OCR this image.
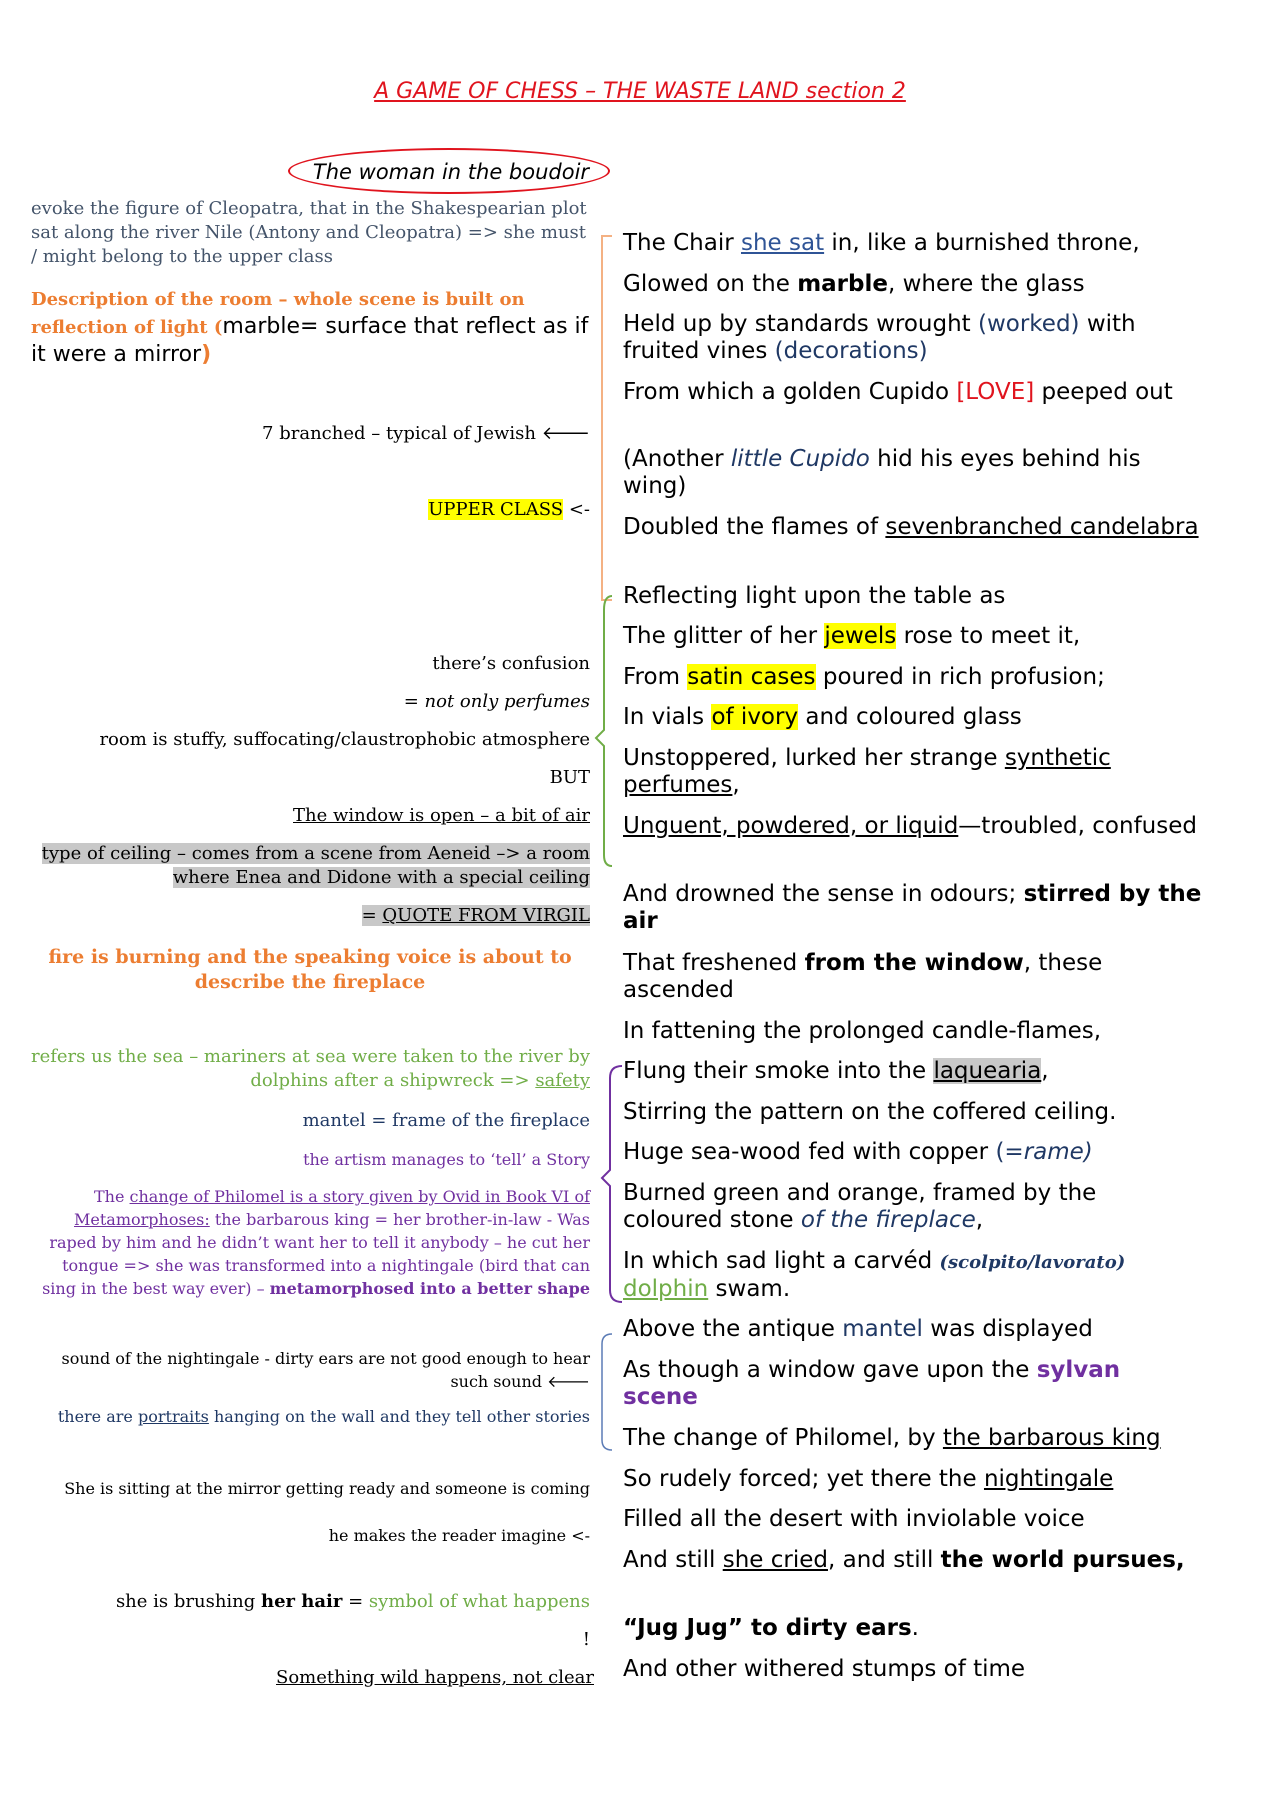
A GAME OF CHESS – THE WASTE LAND section 2
The woman in the boudoir
evoke the figure of Cleopatra, that in the Shakespearian plot sat along the river Nile (Antony and Cleopatra) => she must / might belong to the upper class
Description of the room – whole scene is built on reflection of light (marble= surface that reflect as if it were a mirror)
7 branched – typical of Jewish 🡐
UPPER CLASS <-
there’s confusion
= not only perfumes
room is stuffy, suffocating/claustrophobic atmosphere
BUT
The window is open – a bit of air
type of ceiling – comes from a scene from Aeneid –> a room where Enea and Didone with a special ceiling
= QUOTE FROM VIRGIL
fire is burning and the speaking voice is about to describe the fireplace
refers us the sea – mariners at sea were taken to the river by dolphins after a shipwreck => safety
mantel = frame of the fireplace
the artism manages to ‘tell’ a Story
The change of Philomel is a story given by Ovid in Book VI of Metamorphoses: the barbarous king = her brother-in-law - Was raped by him and he didn’t want her to tell it anybody – he cut her tongue => she was transformed into a nightingale (bird that can sing in the best way ever) – metamorphosed into a better shape
sound of the nightingale - dirty ears are not good enough to hear such sound 🡐
there are portraits hanging on the wall and they tell other stories
She is sitting at the mirror getting ready and someone is coming
he makes the reader imagine <-
she is brushing her hair = symbol of what happens
!
Something wild happens, not clear
The Chair she sat in, like a burnished throne,
Glowed on the marble, where the glass
Held up by standards wrought (worked) with fruited vines (decorations)
From which a golden Cupido [LOVE] peeped out
(Another little Cupido hid his eyes behind his wing)
Doubled the flames of sevenbranched candelabra
Reflecting light upon the table as
The glitter of her jewels rose to meet it,
From satin cases poured in rich profusion;
In vials of ivory and coloured glass
Unstoppered, lurked her strange synthetic perfumes,
Unguent, powdered, or liquid—troubled, confused
And drowned the sense in odours; stirred by the air
That freshened from the window, these ascended
In fattening the prolonged candle-flames,
Flung their smoke into the laquearia,
Stirring the pattern on the coffered ceiling.
Huge sea-wood fed with copper (=rame)
Burned green and orange, framed by the coloured stone of the fireplace,
In which sad light a carvéd (scolpito/lavorato)
dolphin swam.
Above the antique mantel was displayed
As though a window gave upon the sylvan scene
The change of Philomel, by the barbarous king
So rudely forced; yet there the nightingale
Filled all the desert with inviolable voice
And still she cried, and still the world pursues,
“Jug Jug” to dirty ears.
And other withered stumps of time
